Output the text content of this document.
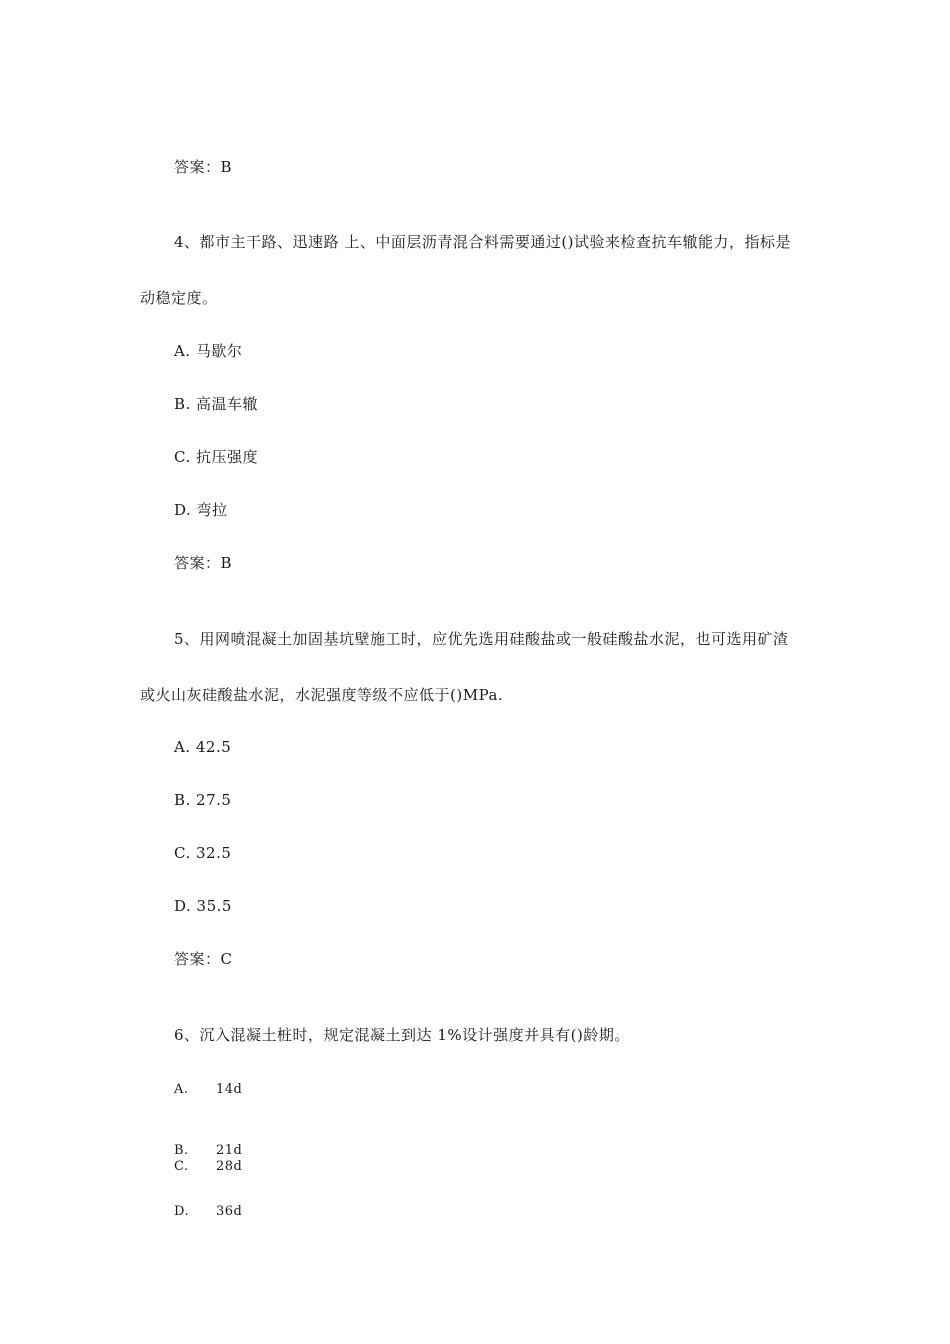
答案：B
4、都市主干路、迅速路 上、中面层沥青混合料需要通过()试验来检查抗车辙能力，指标是
动稳定度。
A. 马歇尔
B. 高温车辙
C. 抗压强度
D. 弯拉
答案：B
5、用网喷混凝土加固基坑壁施工时，应优先选用硅酸盐或一般硅酸盐水泥，也可选用矿渣
或火山灰硅酸盐水泥，水泥强度等级不应低于()MPa.
A. 42.5
B. 27.5
C. 32.5
D. 35.5
答案：C
6、沉入混凝土桩时，规定混凝土到达 1%设计强度并具有()龄期。
A. 14d
B. 21d
C. 28d
D. 36d
